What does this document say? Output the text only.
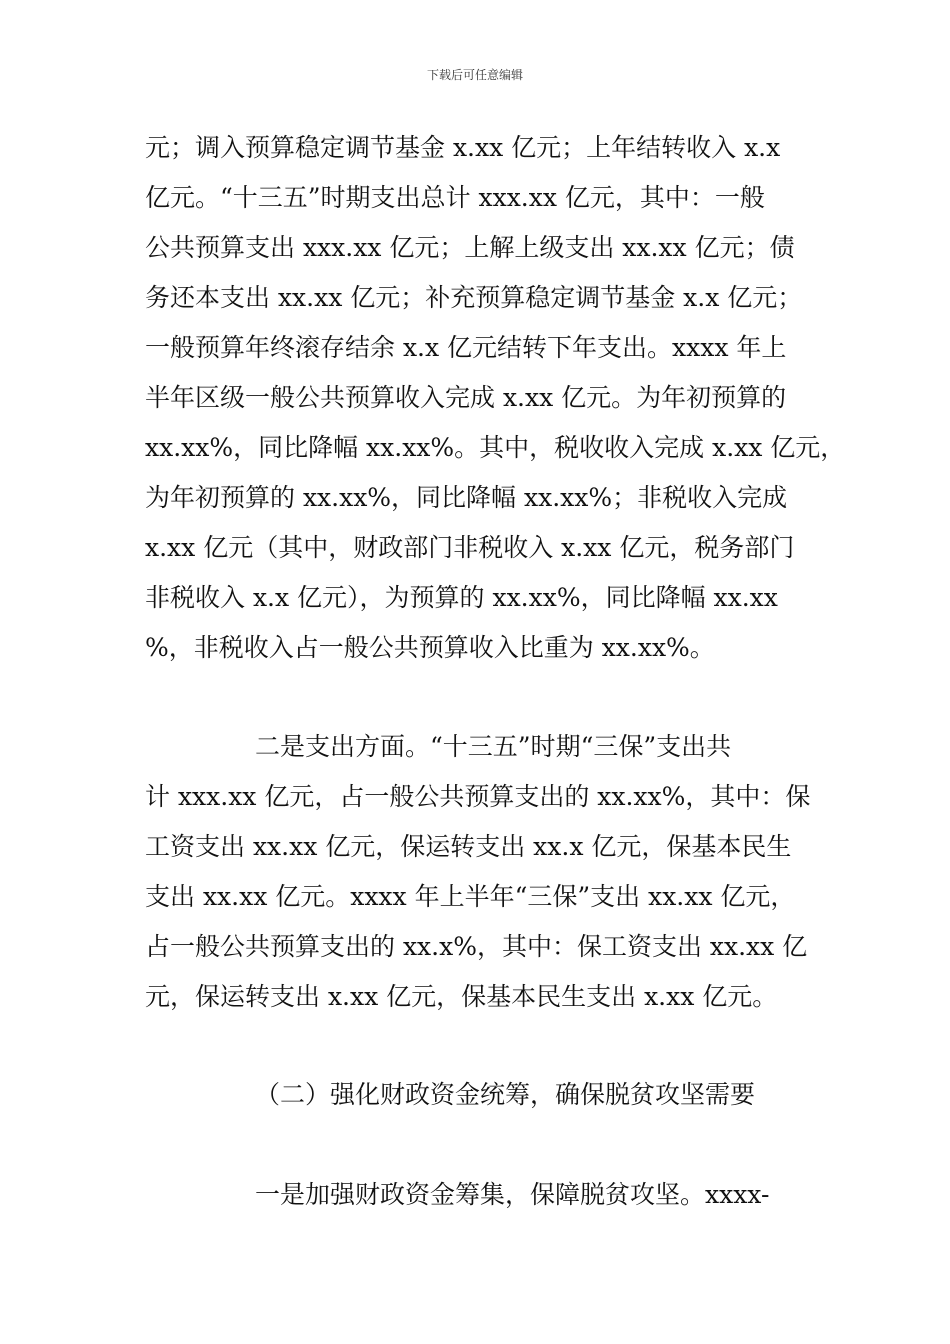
下载后可任意编辑
元；调入预算稳定调节基金 x.xx 亿元；上年结转收入 x.x
亿元。“十三五”时期支出总计 xxx.xx 亿元，其中：一般
公共预算支出 xxx.xx 亿元；上解上级支出 xx.xx 亿元；债
务还本支出 xx.xx 亿元；补充预算稳定调节基金 x.x 亿元；
一般预算年终滚存结余 x.x 亿元结转下年支出。xxxx 年上
半年区级一般公共预算收入完成 x.xx 亿元。为年初预算的
xx.xx%，同比降幅 xx.xx%。其中，税收收入完成 x.xx 亿元，
为年初预算的 xx.xx%，同比降幅 xx.xx%；非税收入完成
x.xx 亿元（其中，财政部门非税收入 x.xx 亿元，税务部门
非税收入 x.x 亿元），为预算的 xx.xx%，同比降幅 xx.xx
%，非税收入占一般公共预算收入比重为 xx.xx%。
二是支出方面。“十三五”时期“三保”支出共
计 xxx.xx 亿元，占一般公共预算支出的 xx.xx%，其中：保
工资支出 xx.xx 亿元，保运转支出 xx.x 亿元，保基本民生
支出 xx.xx 亿元。xxxx 年上半年“三保”支出 xx.xx 亿元，
占一般公共预算支出的 xx.x%，其中：保工资支出 xx.xx 亿
元，保运转支出 x.xx 亿元，保基本民生支出 x.xx 亿元。
（二）强化财政资金统筹，确保脱贫攻坚需要
一是加强财政资金筹集，保障脱贫攻坚。xxxx-
